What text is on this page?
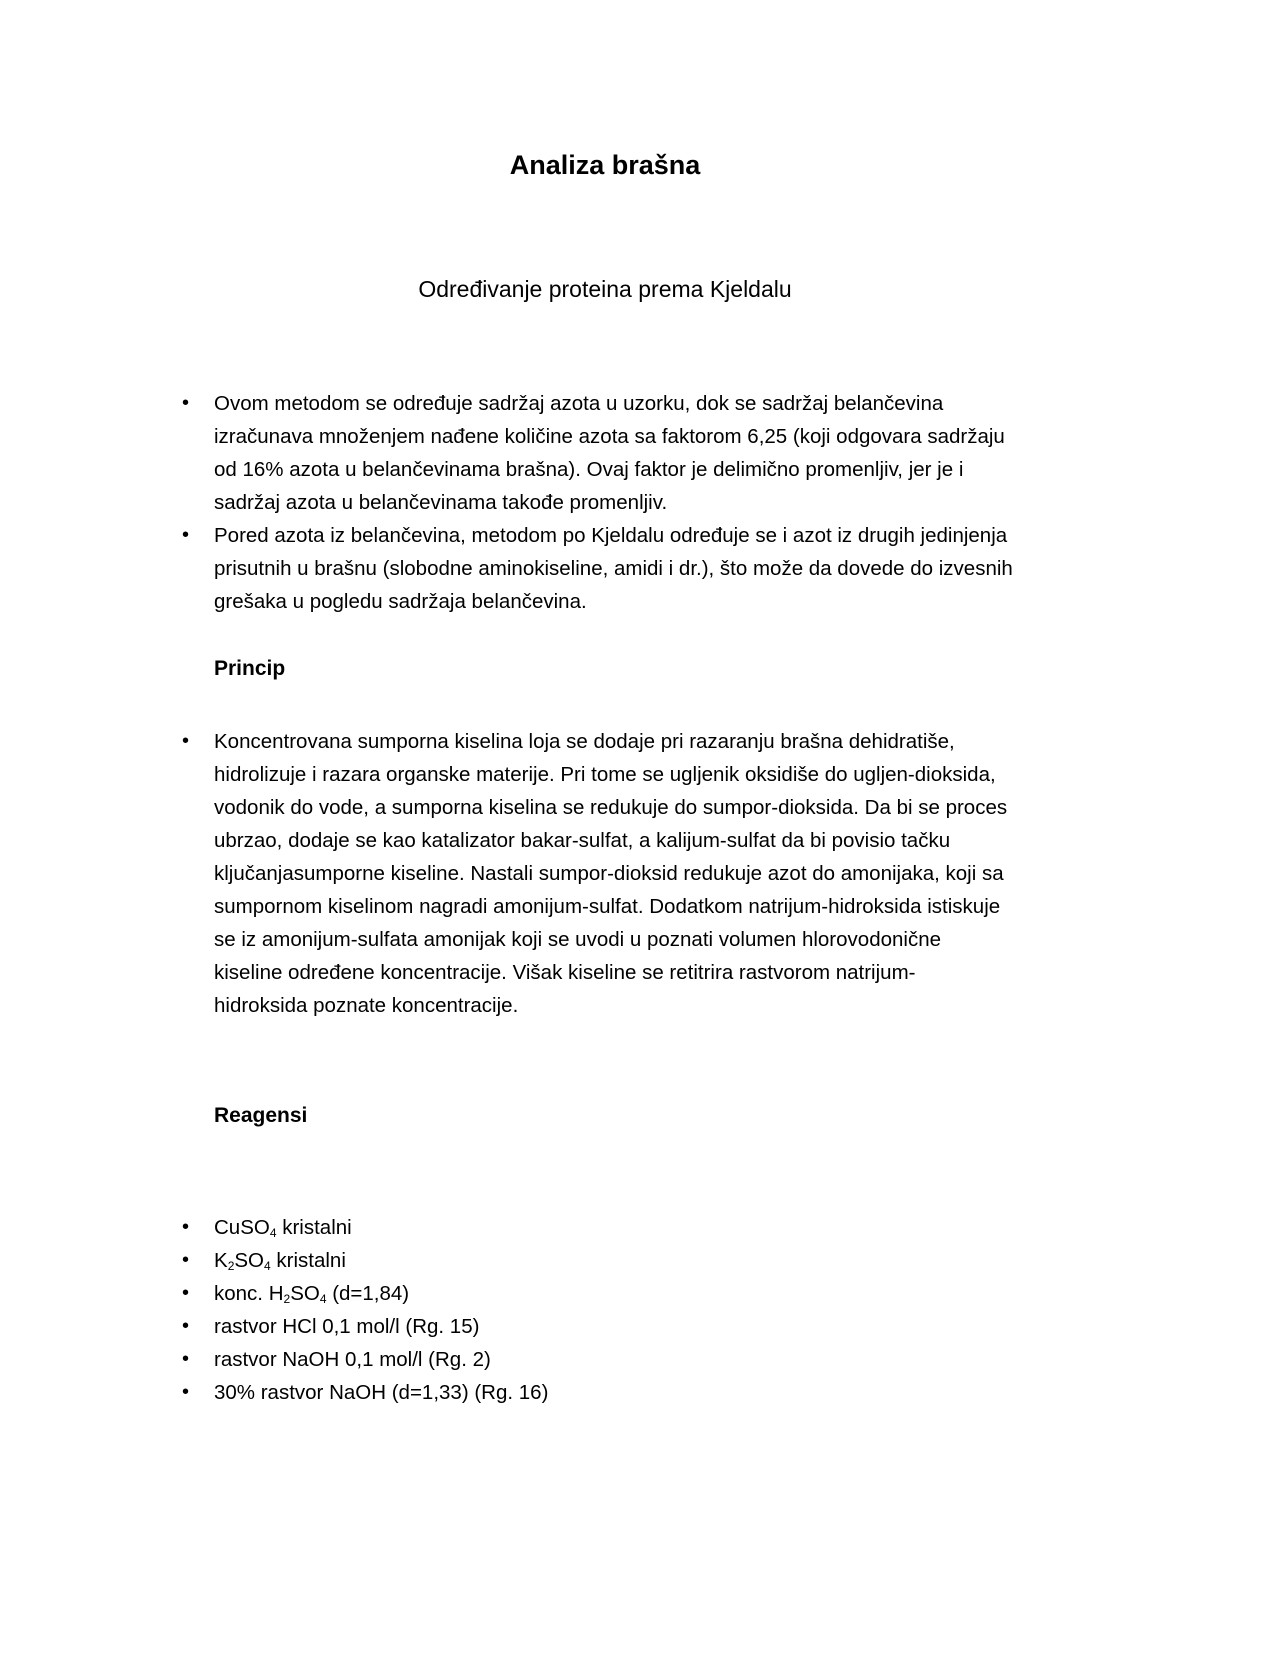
Analiza brašna
Određivanje proteina prema Kjeldalu
• Ovom metodom se određuje sadržaj azota u uzorku, dok se sadržaj belančevina
izračunava množenjem nađene količine azota sa faktorom 6,25 (koji odgovara sadržaju
od 16% azota u belančevinama brašna). Ovaj faktor je delimično promenljiv, jer je i
sadržaj azota u belančevinama takođe promenljiv.
• Pored azota iz belančevina, metodom po Kjeldalu određuje se i azot iz drugih jedinjenja
prisutnih u brašnu (slobodne aminokiseline, amidi i dr.), što može da dovede do izvesnih
grešaka u pogledu sadržaja belančevina.
Princip
• Koncentrovana sumporna kiselina loja se dodaje pri razaranju brašna dehidratiše,
hidrolizuje i razara organske materije. Pri tome se ugljenik oksidiše do ugljen-dioksida,
vodonik do vode, a sumporna kiselina se redukuje do sumpor-dioksida. Da bi se proces
ubrzao, dodaje se kao katalizator bakar-sulfat, a kalijum-sulfat da bi povisio tačku
ključanjasumporne kiseline. Nastali sumpor-dioksid redukuje azot do amonijaka, koji sa
sumpornom kiselinom nagradi amonijum-sulfat. Dodatkom natrijum-hidroksida istiskuje
se iz amonijum-sulfata amonijak koji se uvodi u poznati volumen hlorovodonične
kiseline određene koncentracije. Višak kiseline se retitrira rastvorom natrijum-
hidroksida poznate koncentracije.
Reagensi
• CuSO$_4$ kristalni
• $K_2SO_4$ kristalni
• konc. $H_2SO_4$ (d=1,84)
• rastvor HCl 0,1 mol/l (Rg. 15)
• rastvor NaOH 0,1 mol/l (Rg. 2)
• 30% rastvor NaOH (d=1,33) (Rg. 16)
